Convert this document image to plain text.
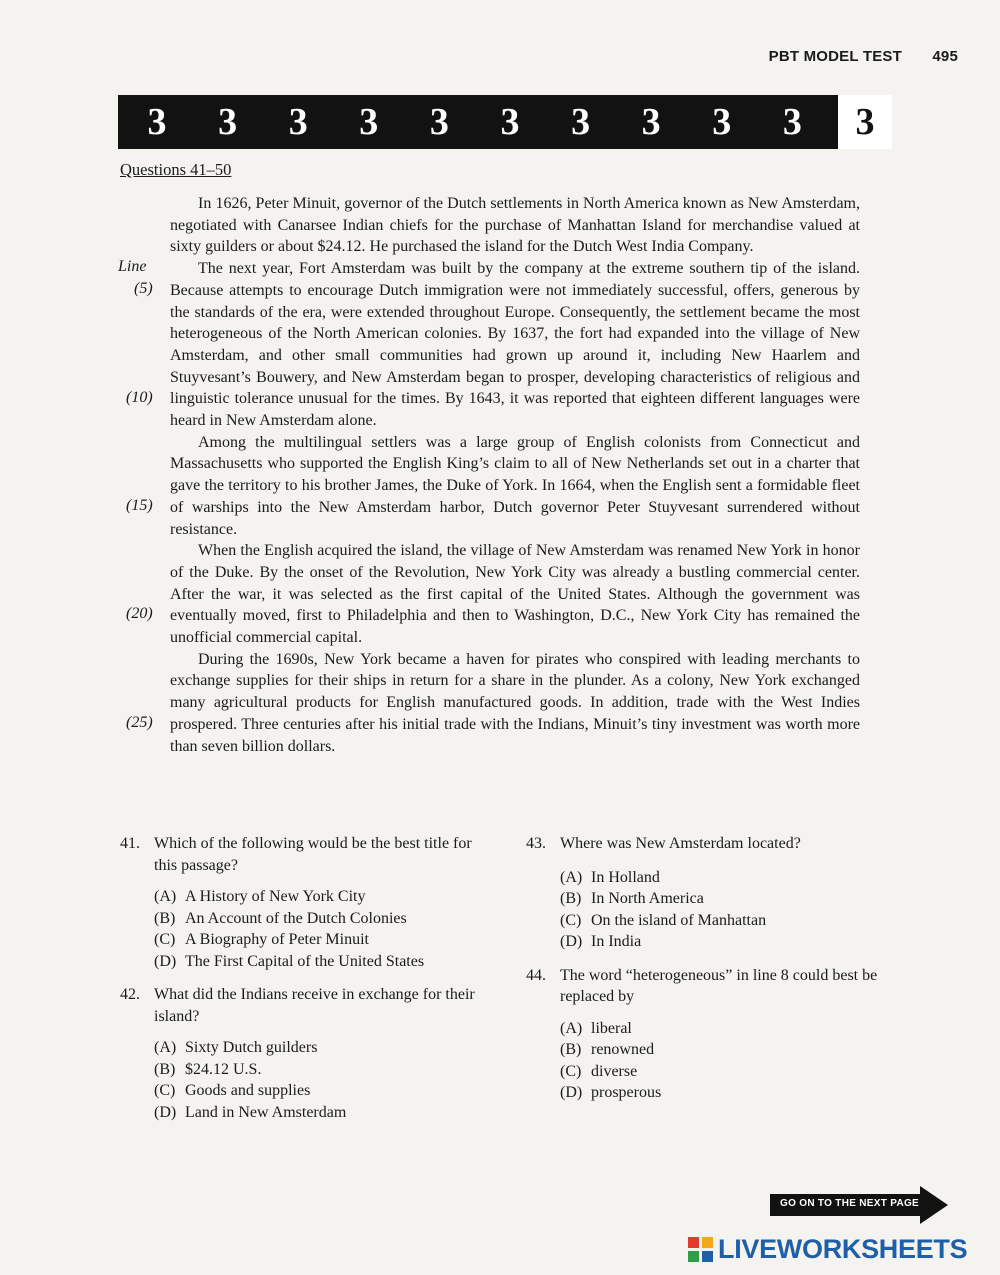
PBT MODEL TEST 495
3	3	3	3	3	3	3	3	3	3	3
Questions 41–50
Line
(5)
(10)
(15)
(20)
(25)

In 1626, Peter Minuit, governor of the Dutch settlements in North America known as New Amsterdam, negotiated with Canarsee Indian chiefs for the purchase of Manhattan Island for merchandise valued at sixty guilders or about $24.12. He purchased the island for the Dutch West India Company.

The next year, Fort Amsterdam was built by the company at the extreme southern tip of the island. Because attempts to encourage Dutch immigration were not immediately successful, offers, generous by the standards of the era, were extended throughout Europe. Consequently, the settlement became the most heterogeneous of the North American colonies. By 1637, the fort had expanded into the village of New Amsterdam, and other small communities had grown up around it, including New Haarlem and Stuyvesant’s Bouwery, and New Amsterdam began to prosper, developing characteristics of religious and linguistic tolerance unusual for the times. By 1643, it was reported that eighteen different languages were heard in New Amsterdam alone.

Among the multilingual settlers was a large group of English colonists from Connecticut and Massachusetts who supported the English King’s claim to all of New Netherlands set out in a charter that gave the territory to his brother James, the Duke of York. In 1664, when the English sent a formidable fleet of warships into the New Amsterdam harbor, Dutch governor Peter Stuyvesant surrendered without resistance.

When the English acquired the island, the village of New Amsterdam was renamed New York in honor of the Duke. By the onset of the Revolution, New York City was already a bustling commercial center. After the war, it was selected as the first capital of the United States. Although the government was eventually moved, first to Philadelphia and then to Washington, D.C., New York City has remained the unofficial commercial capital.

During the 1690s, New York became a haven for pirates who conspired with leading merchants to exchange supplies for their ships in return for a share in the plunder. As a colony, New York exchanged many agricultural products for English manufactured goods. In addition, trade with the West Indies prospered. Three centuries after his initial trade with the Indians, Minuit’s tiny investment was worth more than seven billion dollars.

41. Which of the following would be the best title for this passage?
(A) A History of New York City
(B) An Account of the Dutch Colonies
(C) A Biography of Peter Minuit
(D) The First Capital of the United States
42. What did the Indians receive in exchange for their island?
(A) Sixty Dutch guilders
(B) $24.12 U.S.
(C) Goods and supplies
(D) Land in New Amsterdam
43. Where was New Amsterdam located?
(A) In Holland
(B) In North America
(C) On the island of Manhattan
(D) In India
44. The word “heterogeneous” in line 8 could best be replaced by
(A) liberal
(B) renowned
(C) diverse
(D) prosperous
GO ON TO THE NEXT PAGE
LIVEWORKSHEETS
